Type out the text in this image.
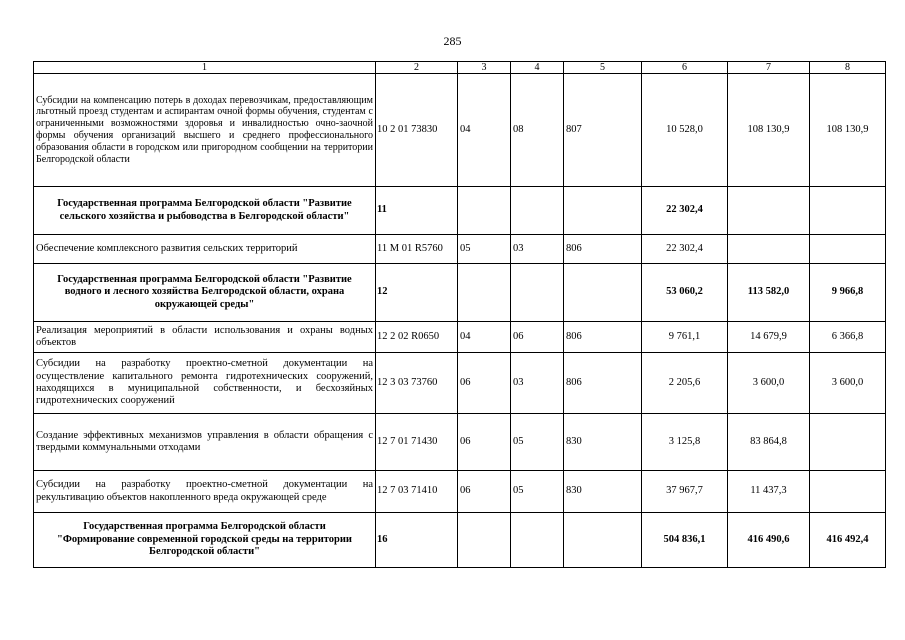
285
1	2	3	4	5	6	7	8
Субсидии на компенсацию потерь в доходах перевозчикам, предоставляющим льготный проезд студентам и аспирантам очной формы обучения, студентам с ограниченными возможностями здоровья и инвалидностью очно-заочной формы обучения организаций высшего и среднего профессионального образования области в городском или пригородном сообщении на территории Белгородской области	10 2 01 73830	04	08	807	10 528,0	108 130,9	108 130,9
Государственная программа Белгородской области "Развитие сельского хозяйства и рыбоводства в Белгородской области"	11				22 302,4		
Обеспечение комплексного развития сельских территорий	11 М 01 R5760	05	03	806	22 302,4		
Государственная программа Белгородской области "Развитие водного и лесного хозяйства Белгородской области, охрана окружающей среды"	12				53 060,2	113 582,0	9 966,8
Реализация мероприятий в области использования и охраны водных объектов	12 2 02 R0650	04	06	806	9 761,1	14 679,9	6 366,8
Субсидии на разработку проектно-сметной документации на осуществление капитального ремонта гидротехнических сооружений, находящихся в муниципальной собственности, и бесхозяйных гидротехнических сооружений	12 3 03 73760	06	03	806	2 205,6	3 600,0	3 600,0
Создание эффективных механизмов управления в области обращения с твердыми коммунальными отходами	12 7 01 71430	06	05	830	3 125,8	83 864,8	
Субсидии на разработку проектно-сметной документации на рекультивацию объектов накопленного вреда окружающей среде	12 7 03 71410	06	05	830	37 967,7	11 437,3	
Государственная программа Белгородской области "Формирование современной городской среды на территории Белгородской области"	16				504 836,1	416 490,6	416 492,4
